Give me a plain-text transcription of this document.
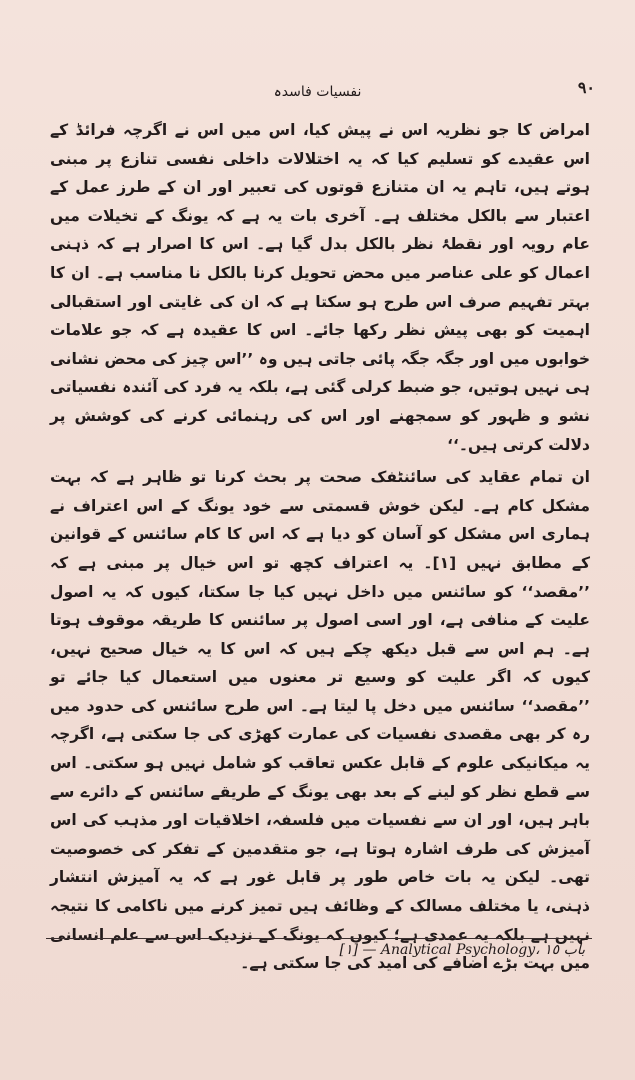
٩٠
نفسیات فاسدہ

امراض کا جو نظریہ اس نے پیش کیا، اس میں اس نے اگرچہ فرائڈ کے اس عقیدے کو تسلیم کیا کہ یہ اختلالات داخلی نفسی تنازع پر مبنی ہوتے ہیں، تاہم یہ ان متنازع قوتوں کی تعبیر اور ان کے طرز عمل کے اعتبار سے بالکل مختلف ہے۔ آخری بات یہ ہے کہ یونگ کے تخیلات میں عام رویہ اور نقطۂ نظر بالکل بدل گیا ہے۔ اس کا اصرار ہے کہ ذہنی اعمال کو علی عناصر میں محض تحویل کرنا بالکل نا مناسب ہے۔ ان کا بہتر تفہیم صرف اس طرح ہو سکتا ہے کہ ان کی غایتی اور استقبالی اہمیت کو بھی پیش نظر رکھا جائے۔ اس کا عقیدہ ہے کہ جو علامات خوابوں میں اور جگہ جگہ پائی جاتی ہیں وہ ’’اس چیز کی محض نشانی ہی نہیں ہوتیں، جو ضبط کرلی گئی ہے، بلکہ یہ فرد کی آئندہ نفسیاتی نشو و ظہور کو سمجھنے اور اس کی رہنمائی کرنے کی کوشش پر دلالت کرتی ہیں۔‘‘

ان تمام عقاید کی سائنٹفک صحت پر بحث کرنا تو ظاہر ہے کہ بہت مشکل کام ہے۔ لیکن خوش قسمتی سے خود یونگ کے اس اعتراف نے ہماری اس مشکل کو آسان کو دیا ہے کہ اس کا کام سائنس کے قوانین کے مطابق نہیں [١]۔ یہ اعتراف کچھ تو اس خیال پر مبنی ہے کہ ’’مقصد‘‘ کو سائنس میں داخل نہیں کیا جا سکتا، کیوں کہ یہ اصول علیت کے منافی ہے، اور اسی اصول پر سائنس کا طریقہ موقوف ہوتا ہے۔ ہم اس سے قبل دیکھ چکے ہیں کہ اس کا یہ خیال صحیح نہیں، کیوں کہ اگر علیت کو وسیع تر معنوں میں استعمال کیا جائے تو ’’مقصد‘‘ سائنس میں دخل پا لیتا ہے۔ اس طرح سائنس کی حدود میں رہ کر بھی مقصدی نفسیات کی عمارت کھڑی کی جا سکتی ہے، اگرچہ یہ میکانیکی علوم کے قابل عکس تعاقب کو شامل نہیں ہو سکتی۔ اس سے قطع نظر کو لینے کے بعد بھی یونگ کے طریقے سائنس کے دائرے سے باہر ہیں، اور ان سے نفسیات میں فلسفہ، اخلاقیات اور مذہب کی اس آمیزش کی طرف اشارہ ہوتا ہے، جو متقدمین کے تفکر کی خصوصیت تھی۔ لیکن یہ بات خاص طور پر قابل غور ہے کہ یہ آمیزش انتشار ذہنی، یا مختلف مسالک کے وظائف ہیں تمیز کرنے میں ناکامی کا نتیجہ نہیں ہے بلکہ یہ عمدی ہے؛ کیوں کہ یونگ کے نزدیک اس سے علم انسانی میں بہت بڑے اضافے کی امید کی جا سکتی ہے۔

[١] — Analytical Psychology، باب ١٥
